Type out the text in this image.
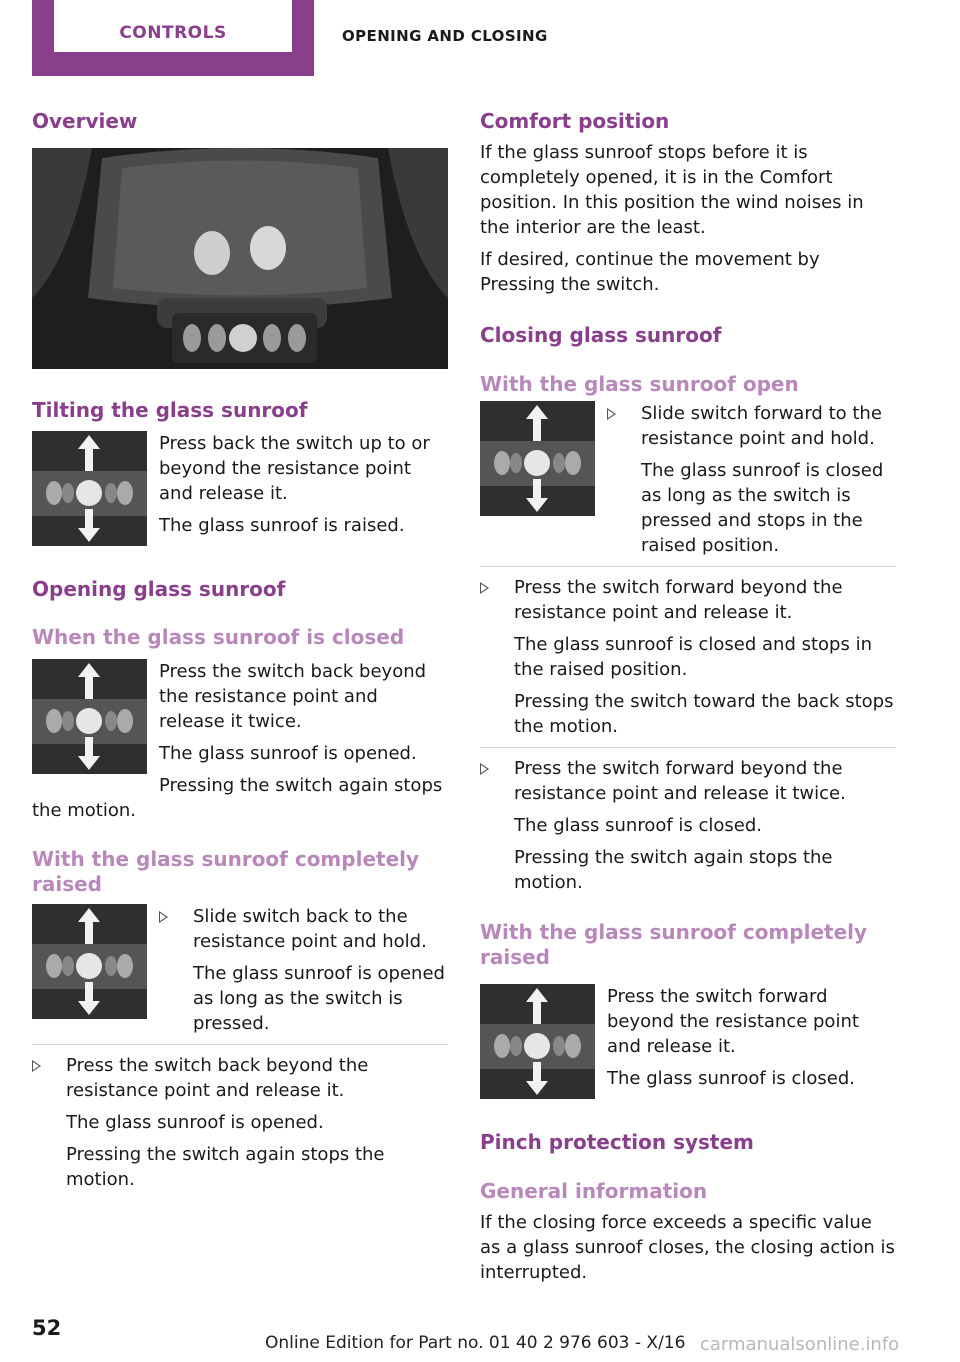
CONTROLS	OPENING AND CLOSING
Overview
Tilting the glass sunroof

Press back the switch up to or beyond the resistance point and release it.

The glass sunroof is raised.

Opening glass sunroof
When the glass sunroof is closed

Press the switch back beyond the resistance point and release it twice.

The glass sunroof is opened.

Pressing the switch again stops the motion.

With the glass sunroof completely raised

Slide switch back to the resistance point and hold.

The glass sunroof is opened as long as the switch is pressed.

Press the switch back beyond the resistance point and release it.

The glass sunroof is opened.

Pressing the switch again stops the motion.

Comfort position

If the glass sunroof stops before it is completely opened, it is in the Comfort position. In this position the wind noises in the interior are the least.

If desired, continue the movement by Pressing the switch.

Closing glass sunroof
With the glass sunroof open

Slide switch forward to the resistance point and hold.

The glass sunroof is closed as long as the switch is pressed and stops in the raised position.

Press the switch forward beyond the resistance point and release it.

The glass sunroof is closed and stops in the raised position.

Pressing the switch toward the back stops the motion.

Press the switch forward beyond the resistance point and release it twice.

The glass sunroof is closed.

Pressing the switch again stops the motion.

With the glass sunroof completely raised

Press the switch forward beyond the resistance point and release it.

The glass sunroof is closed.

Pinch protection system
General information

If the closing force exceeds a specific value as a glass sunroof closes, the closing action is interrupted.

52
Online Edition for Part no. 01 40 2 976 603 - X/16 carmanualsonline.info
